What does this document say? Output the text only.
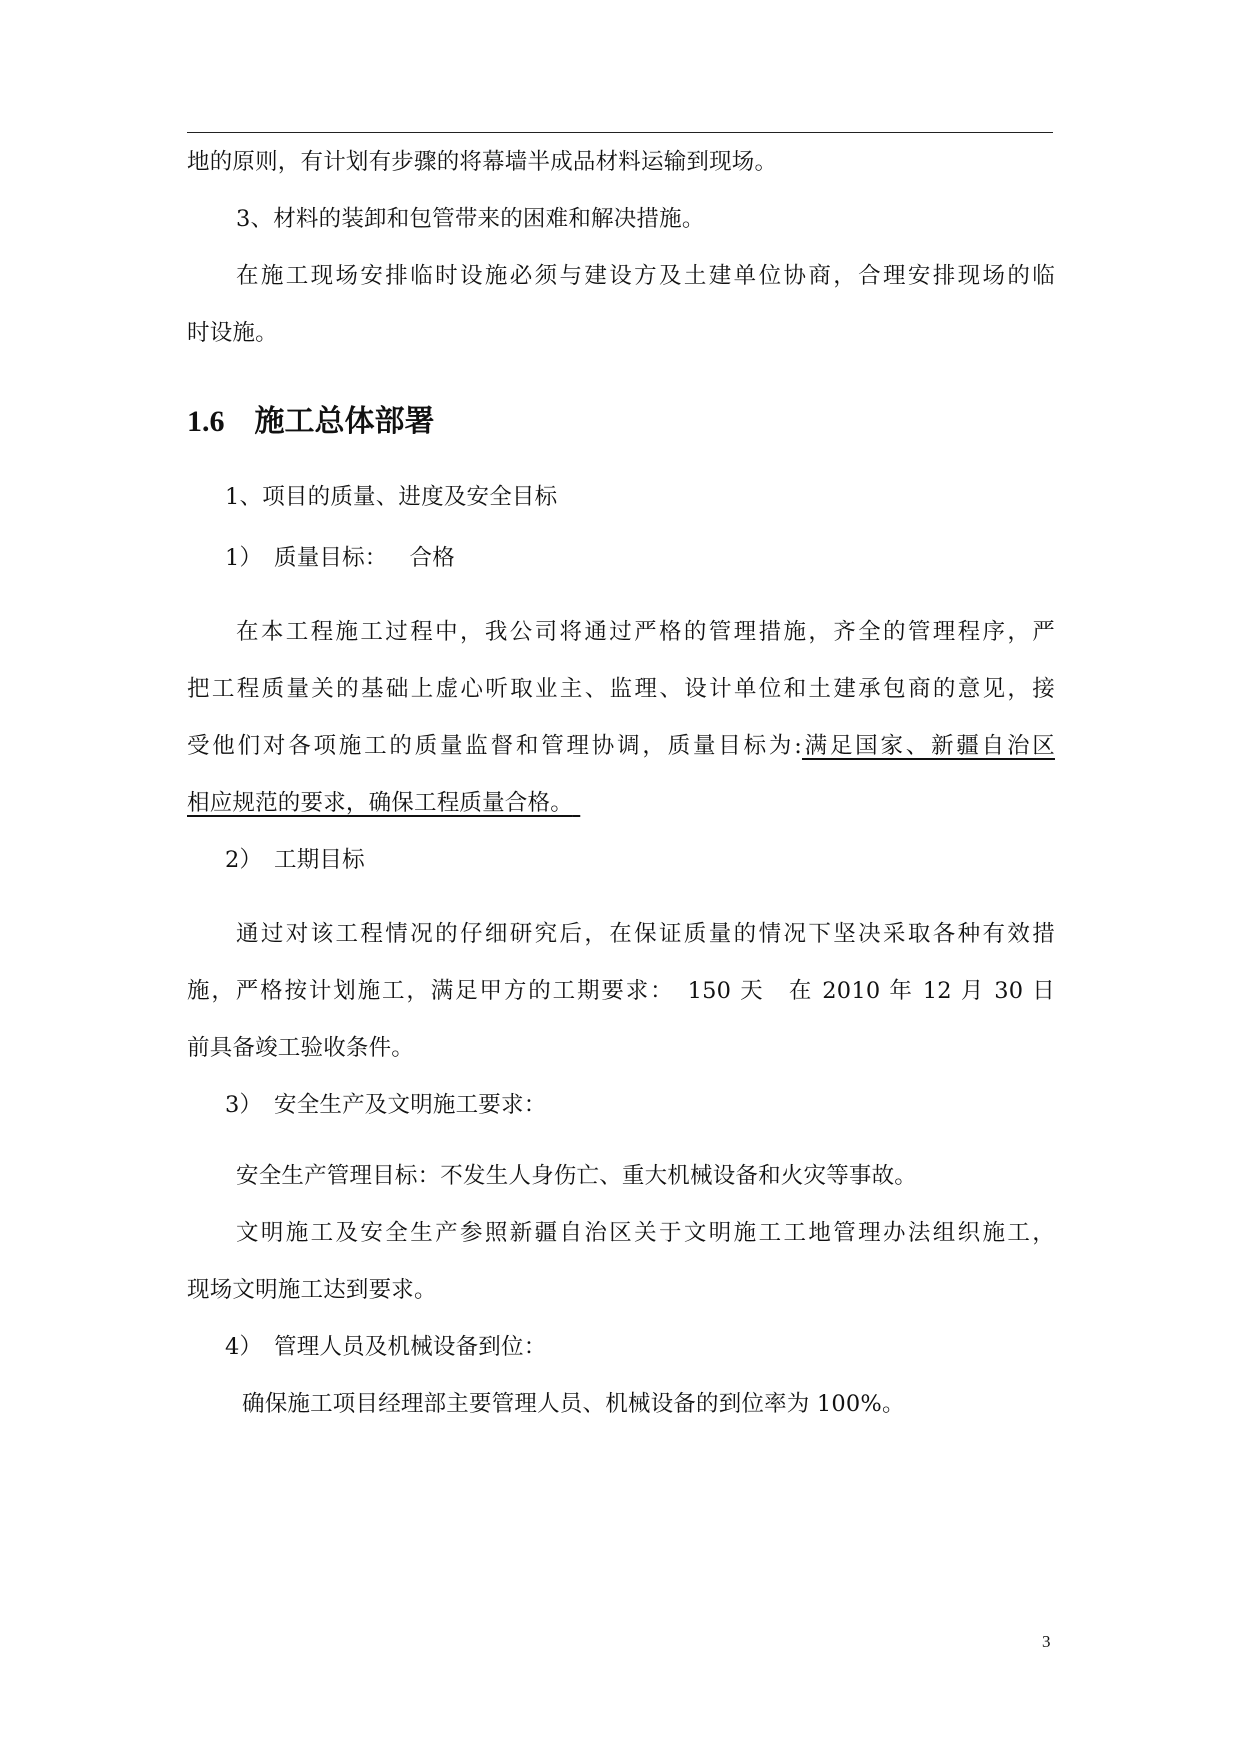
地的原则，有计划有步骤的将幕墙半成品材料运输到现场。
3、材料的装卸和包管带来的困难和解决措施。
在施工现场安排临时设施必须与建设方及土建单位协商，合理安排现场的临
时设施。
1.6 施工总体部署
1、项目的质量、进度及安全目标
1） 质量目标： 合格
在本工程施工过程中，我公司将通过严格的管理措施，齐全的管理程序，严
把工程质量关的基础上虚心听取业主、监理、设计单位和土建承包商的意见，接
受他们对各项施工的质量监督和管理协调，质量目标为:满足国家、新疆自治区
相应规范的要求，确保工程质量合格。
2） 工期目标
通过对该工程情况的仔细研究后，在保证质量的情况下坚决采取各种有效措
施，严格按计划施工，满足甲方的工期要求：　150 天　在 2010 年 12 月 30 日
前具备竣工验收条件。
3） 安全生产及文明施工要求：
安全生产管理目标：不发生人身伤亡、重大机械设备和火灾等事故。
文明施工及安全生产参照新疆自治区关于文明施工工地管理办法组织施工，
现场文明施工达到要求。
4） 管理人员及机械设备到位：
确保施工项目经理部主要管理人员、机械设备的到位率为 100%。
3
